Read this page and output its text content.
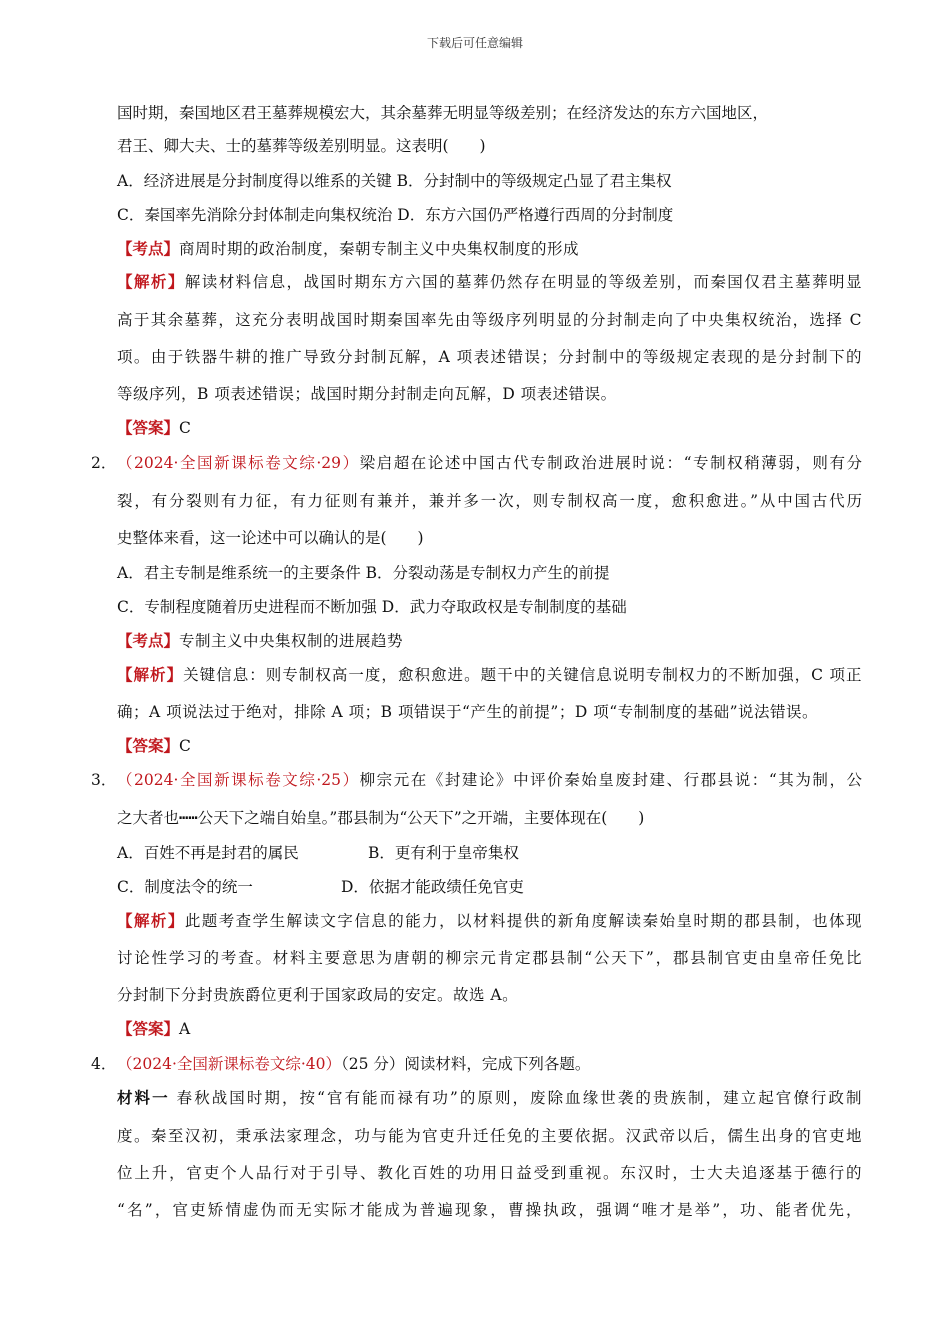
下载后可任意编辑
国时期，秦国地区君王墓葬规模宏大，其余墓葬无明显等级差别；在经济发达的东方六国地区，
君王、卿大夫、士的墓葬等级差别明显。这表明(　　)
A．经济进展是分封制度得以维系的关键 B．分封制中的等级规定凸显了君主集权
C．秦国率先消除分封体制走向集权统治 D．东方六国仍严格遵行西周的分封制度
【考点】商周时期的政治制度，秦朝专制主义中央集权制度的形成
【解析】解读材料信息，战国时期东方六国的墓葬仍然存在明显的等级差别，而秦国仅君主墓葬明显
高于其余墓葬，这充分表明战国时期秦国率先由等级序列明显的分封制走向了中央集权统治，选择 C
项。由于铁器牛耕的推广导致分封制瓦解，A 项表述错误；分封制中的等级规定表现的是分封制下的
等级序列，B 项表述错误；战国时期分封制走向瓦解，D 项表述错误。
【答案】C
2． （2024·全国新课标卷文综·29）梁启超在论述中国古代专制政治进展时说：“专制权稍薄弱，则有分
裂，有分裂则有力征，有力征则有兼并，兼并多一次，则专制权高一度，愈积愈进。”从中国古代历
史整体来看，这一论述中可以确认的是(　　)
A．君主专制是维系统一的主要条件 B．分裂动荡是专制权力产生的前提
C．专制程度随着历史进程而不断加强 D．武力夺取政权是专制制度的基础
【考点】专制主义中央集权制的进展趋势
【解析】关键信息：则专制权高一度，愈积愈进。题干中的关键信息说明专制权力的不断加强，C 项正
确；A 项说法过于绝对，排除 A 项；B 项错误于“产生的前提”；D 项“专制制度的基础”说法错误。
【答案】C
3． （2024·全国新课标卷文综·25）柳宗元在《封建论》中评价秦始皇废封建、行郡县说：“其为制，公
之大者也┅┅公天下之端自始皇。”郡县制为“公天下”之开端，主要体现在(　　)
A．百姓不再是封君的属民	B．更有利于皇帝集权
C．制度法令的统一	D．依据才能政绩任免官吏
【解析】此题考查学生解读文字信息的能力，以材料提供的新角度解读秦始皇时期的郡县制，也体现
讨论性学习的考查。材料主要意思为唐朝的柳宗元肯定郡县制“公天下”，郡县制官吏由皇帝任免比
分封制下分封贵族爵位更利于国家政局的安定。故选 A。
【答案】A
4． （2024·全国新课标卷文综·40）（25 分）阅读材料，完成下列各题。
材料一 春秋战国时期，按“官有能而禄有功”的原则，废除血缘世袭的贵族制，建立起官僚行政制
度。秦至汉初，秉承法家理念，功与能为官吏升迁任免的主要依据。汉武帝以后，儒生出身的官吏地
位上升，官吏个人品行对于引导、教化百姓的功用日益受到重视。东汉时，士大夫追逐基于德行的
“名”，官吏矫情虚伪而无实际才能成为普遍现象，曹操执政，强调“唯才是举”，功、能者优先，
